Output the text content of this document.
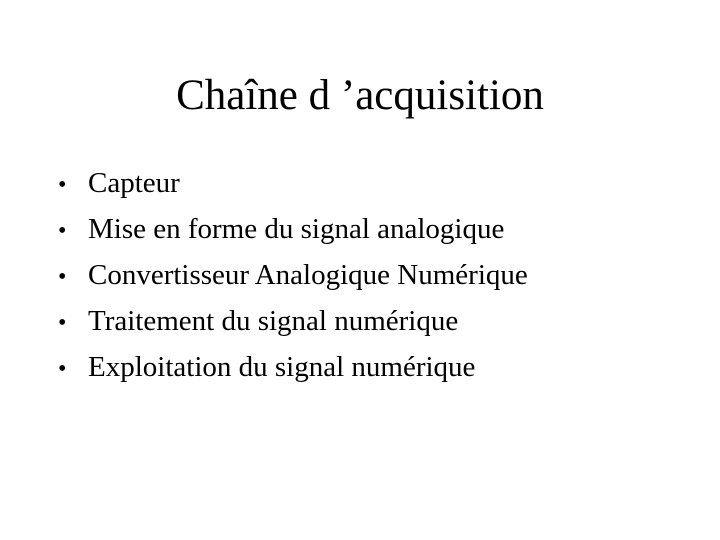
Chaîne d ’acquisition
• Capteur
• Mise en forme du signal analogique
• Convertisseur Analogique Numérique
• Traitement du signal numérique
• Exploitation du signal numérique
